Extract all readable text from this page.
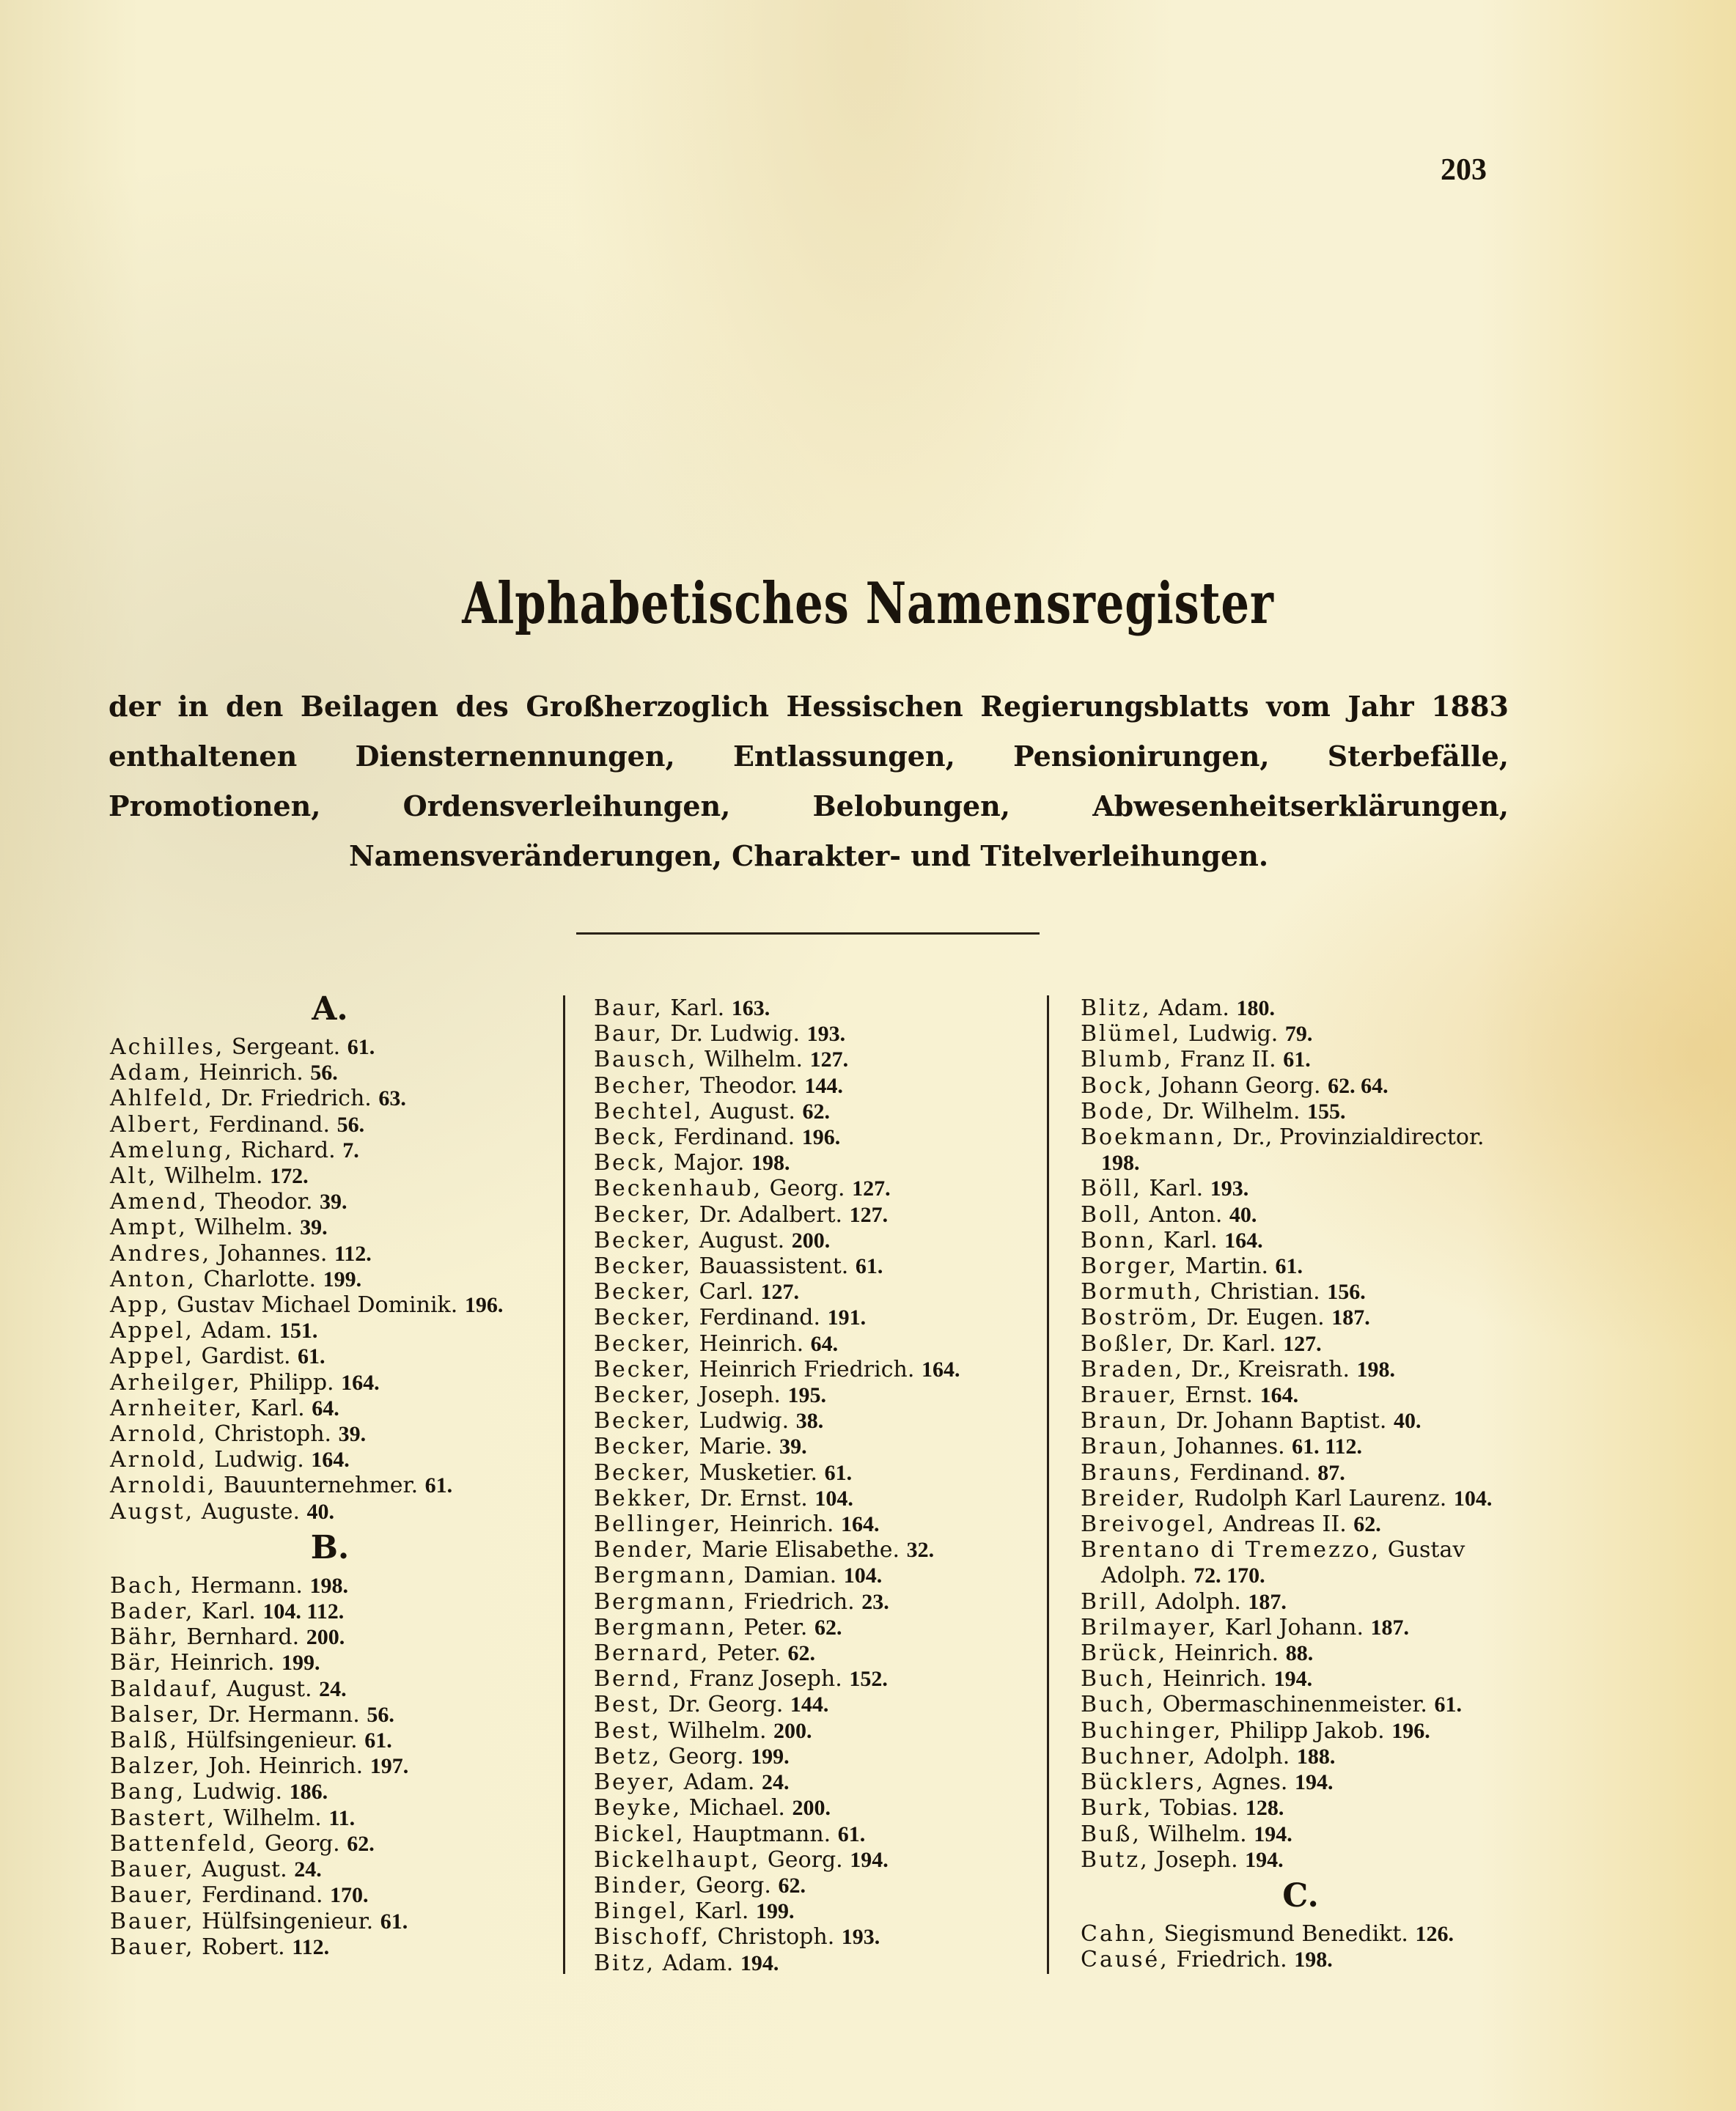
203
Alphabetisches Namensregister
der in den Beilagen des Großherzoglich Hessischen Regierungsblatts vom Jahr 1883 enthaltenen Diensternennungen, Entlassungen, Pensionirungen, Sterbefälle, Promotionen, Ordensverleihungen, Belobungen, Abwesenheitserklärungen, Namensveränderungen, Charakter- und Titelverleihungen.
A.
Achilles, Sergeant. 61.
Adam, Heinrich. 56.
Ahlfeld, Dr. Friedrich. 63.
Albert, Ferdinand. 56.
Amelung, Richard. 7.
Alt, Wilhelm. 172.
Amend, Theodor. 39.
Ampt, Wilhelm. 39.
Andres, Johannes. 112.
Anton, Charlotte. 199.
App, Gustav Michael Dominik. 196.
Appel, Adam. 151.
Appel, Gardist. 61.
Arheilger, Philipp. 164.
Arnheiter, Karl. 64.
Arnold, Christoph. 39.
Arnold, Ludwig. 164.
Arnoldi, Bauunternehmer. 61.
Augst, Auguste. 40.
B.
Bach, Hermann. 198.
Bader, Karl. 104. 112.
Bähr, Bernhard. 200.
Bär, Heinrich. 199.
Baldauf, August. 24.
Balser, Dr. Hermann. 56.
Balß, Hülfsingenieur. 61.
Balzer, Joh. Heinrich. 197.
Bang, Ludwig. 186.
Bastert, Wilhelm. 11.
Battenfeld, Georg. 62.
Bauer, August. 24.
Bauer, Ferdinand. 170.
Bauer, Hülfsingenieur. 61.
Bauer, Robert. 112.
Baur, Karl. 163.
Baur, Dr. Ludwig. 193.
Bausch, Wilhelm. 127.
Becher, Theodor. 144.
Bechtel, August. 62.
Beck, Ferdinand. 196.
Beck, Major. 198.
Beckenhaub, Georg. 127.
Becker, Dr. Adalbert. 127.
Becker, August. 200.
Becker, Bauassistent. 61.
Becker, Carl. 127.
Becker, Ferdinand. 191.
Becker, Heinrich. 64.
Becker, Heinrich Friedrich. 164.
Becker, Joseph. 195.
Becker, Ludwig. 38.
Becker, Marie. 39.
Becker, Musketier. 61.
Bekker, Dr. Ernst. 104.
Bellinger, Heinrich. 164.
Bender, Marie Elisabethe. 32.
Bergmann, Damian. 104.
Bergmann, Friedrich. 23.
Bergmann, Peter. 62.
Bernard, Peter. 62.
Bernd, Franz Joseph. 152.
Best, Dr. Georg. 144.
Best, Wilhelm. 200.
Betz, Georg. 199.
Beyer, Adam. 24.
Beyke, Michael. 200.
Bickel, Hauptmann. 61.
Bickelhaupt, Georg. 194.
Binder, Georg. 62.
Bingel, Karl. 199.
Bischoff, Christoph. 193.
Bitz, Adam. 194.
Blitz, Adam. 180.
Blümel, Ludwig. 79.
Blumb, Franz II. 61.
Bock, Johann Georg. 62. 64.
Bode, Dr. Wilhelm. 155.
Boekmann, Dr., Provinzialdirector. 198.
Böll, Karl. 193.
Boll, Anton. 40.
Bonn, Karl. 164.
Borger, Martin. 61.
Bormuth, Christian. 156.
Boström, Dr. Eugen. 187.
Boßler, Dr. Karl. 127.
Braden, Dr., Kreisrath. 198.
Brauer, Ernst. 164.
Braun, Dr. Johann Baptist. 40.
Braun, Johannes. 61. 112.
Brauns, Ferdinand. 87.
Breider, Rudolph Karl Laurenz. 104.
Breivogel, Andreas II. 62.
Brentano di Tremezzo, Gustav Adolph. 72. 170.
Brill, Adolph. 187.
Brilmayer, Karl Johann. 187.
Brück, Heinrich. 88.
Buch, Heinrich. 194.
Buch, Obermaschinenmeister. 61.
Buchinger, Philipp Jakob. 196.
Buchner, Adolph. 188.
Bücklers, Agnes. 194.
Burk, Tobias. 128.
Buß, Wilhelm. 194.
Butz, Joseph. 194.
C.
Cahn, Siegismund Benedikt. 126.
Causé, Friedrich. 198.
